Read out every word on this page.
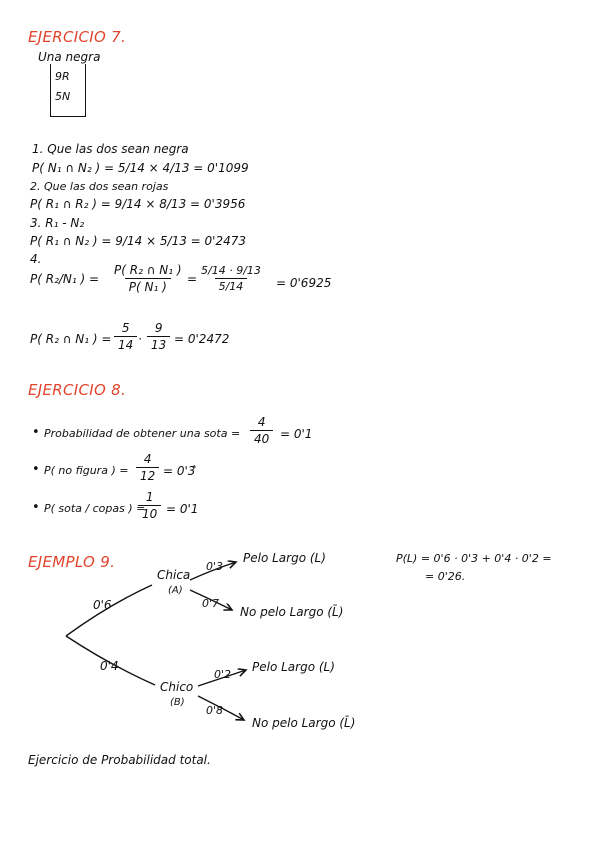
EJERCICIO 7.
Una negra
9R
5N
1. Que las dos sean negra
P( N₁ ∩ N₂ ) = 5/14 × 4/13 = 0'1099
2. Que las dos sean rojas
P( R₁ ∩ R₂ ) = 9/14 × 8/13 = 0'3956
3. R₁ - N₂
P( R₁ ∩ N₂ ) = 9/14 × 5/13 = 0'2473
4.
P( R₂/N₁ ) = $\frac{\text{P( R₂ ∩ N₁ )}}{\text{P( N₁ )}} = \frac{5/14 \cdot 9/13}{5/14} = 0'6925$
P( R₂ ∩ N₁ ) = $\frac{5}{14} \cdot \frac{9}{13} = 0'2472$
EJERCICIO 8.
• Probabilidad de obtener una sota = $\frac{4}{40} = 0'1$
• P( no figura ) = $\frac{4}{12}$ = 0'3̂
• P( sota / copas ) =
$\frac{1}{10} = 0'1$
EJEMPLO 9.
0'6
0'4
Chica
(A)
Chico
(B)
0'3
0'7
0'2
0'8
Pelo Largo (L)
No pelo Largo (L̄)
Pelo Largo (L)
No pelo Largo (L̄)
P(L) = 0'6 · 0'3 + 0'4 · 0'2 =
= 0'26.
Ejercicio de Probabilidad total.
